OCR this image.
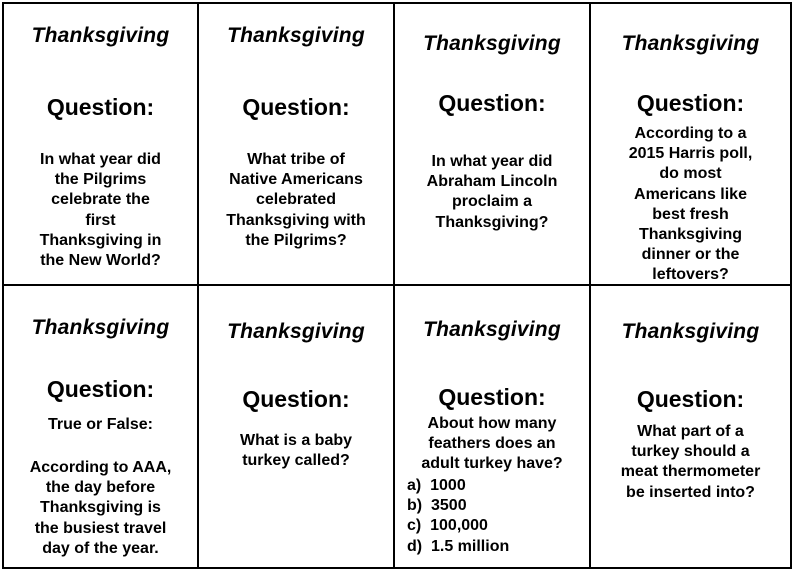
Thanksgiving
Question:
In what year did
the Pilgrims
celebrate the
first
Thanksgiving in
the New World?
Thanksgiving
Question:
What tribe of
Native Americans
celebrated
Thanksgiving with
the Pilgrims?
Thanksgiving
Question:
In what year did
Abraham Lincoln
proclaim a
Thanksgiving?
Thanksgiving
Question:
According to a
2015 Harris poll,
do most
Americans like
best fresh
Thanksgiving
dinner or the
leftovers?
Thanksgiving
Question:
True or False:
According to AAA,
the day before
Thanksgiving is
the busiest travel
day of the year.
Thanksgiving
Question:
What is a baby
turkey called?
Thanksgiving
Question:
About how many
feathers does an
adult turkey have?
a)  1000
b)  3500
c)  100,000
d)  1.5 million
Thanksgiving
Question:
What part of a
turkey should a
meat thermometer
be inserted into?
